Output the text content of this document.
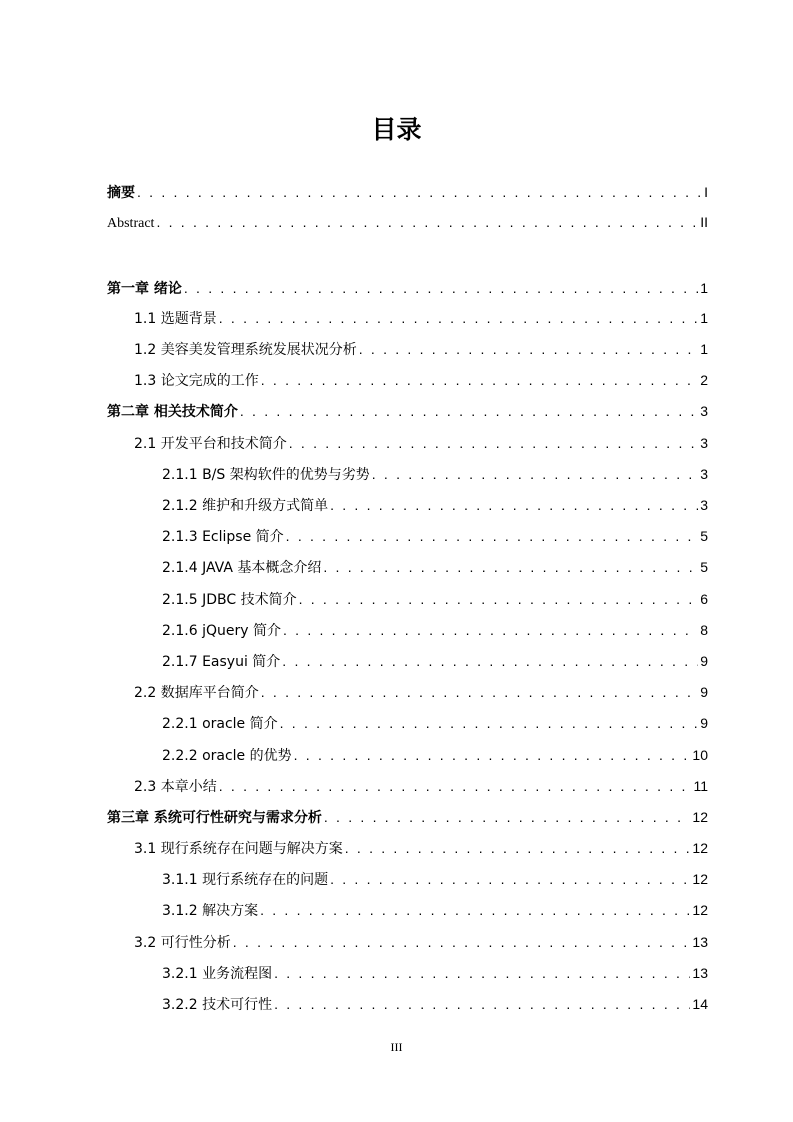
目录
摘要 . . .	I
Abstract . . .	II
第一章 绪论 . . .	1
1.1 选题背景 . . .	1
1.2 美容美发管理系统发展状况分析 . . .	1
1.3 论文完成的工作 . . .	2
第二章 相关技术简介 . . .	3
2.1 开发平台和技术简介 . . .	3
2.1.1 B/S 架构软件的优势与劣势 . . .	3
2.1.2 维护和升级方式简单 . . .	3
2.1.3 Eclipse 简介 . . .	5
2.1.4 JAVA 基本概念介绍 . . .	5
2.1.5 JDBC 技术简介 . . .	6
2.1.6 jQuery 简介 . . .	8
2.1.7 Easyui 简介 . . .	9
2.2 数据库平台简介 . . .	9
2.2.1 oracle 简介 . . .	9
2.2.2 oracle 的优势 . . .	10
2.3 本章小结 . . .	11
第三章 系统可行性研究与需求分析 . . .	12
3.1 现行系统存在问题与解决方案 . . .	12
3.1.1 现行系统存在的问题 . . .	12
3.1.2 解决方案 . . .	12
3.2 可行性分析 . . .	13
3.2.1 业务流程图 . . .	13
3.2.2 技术可行性 . . .	14
III
